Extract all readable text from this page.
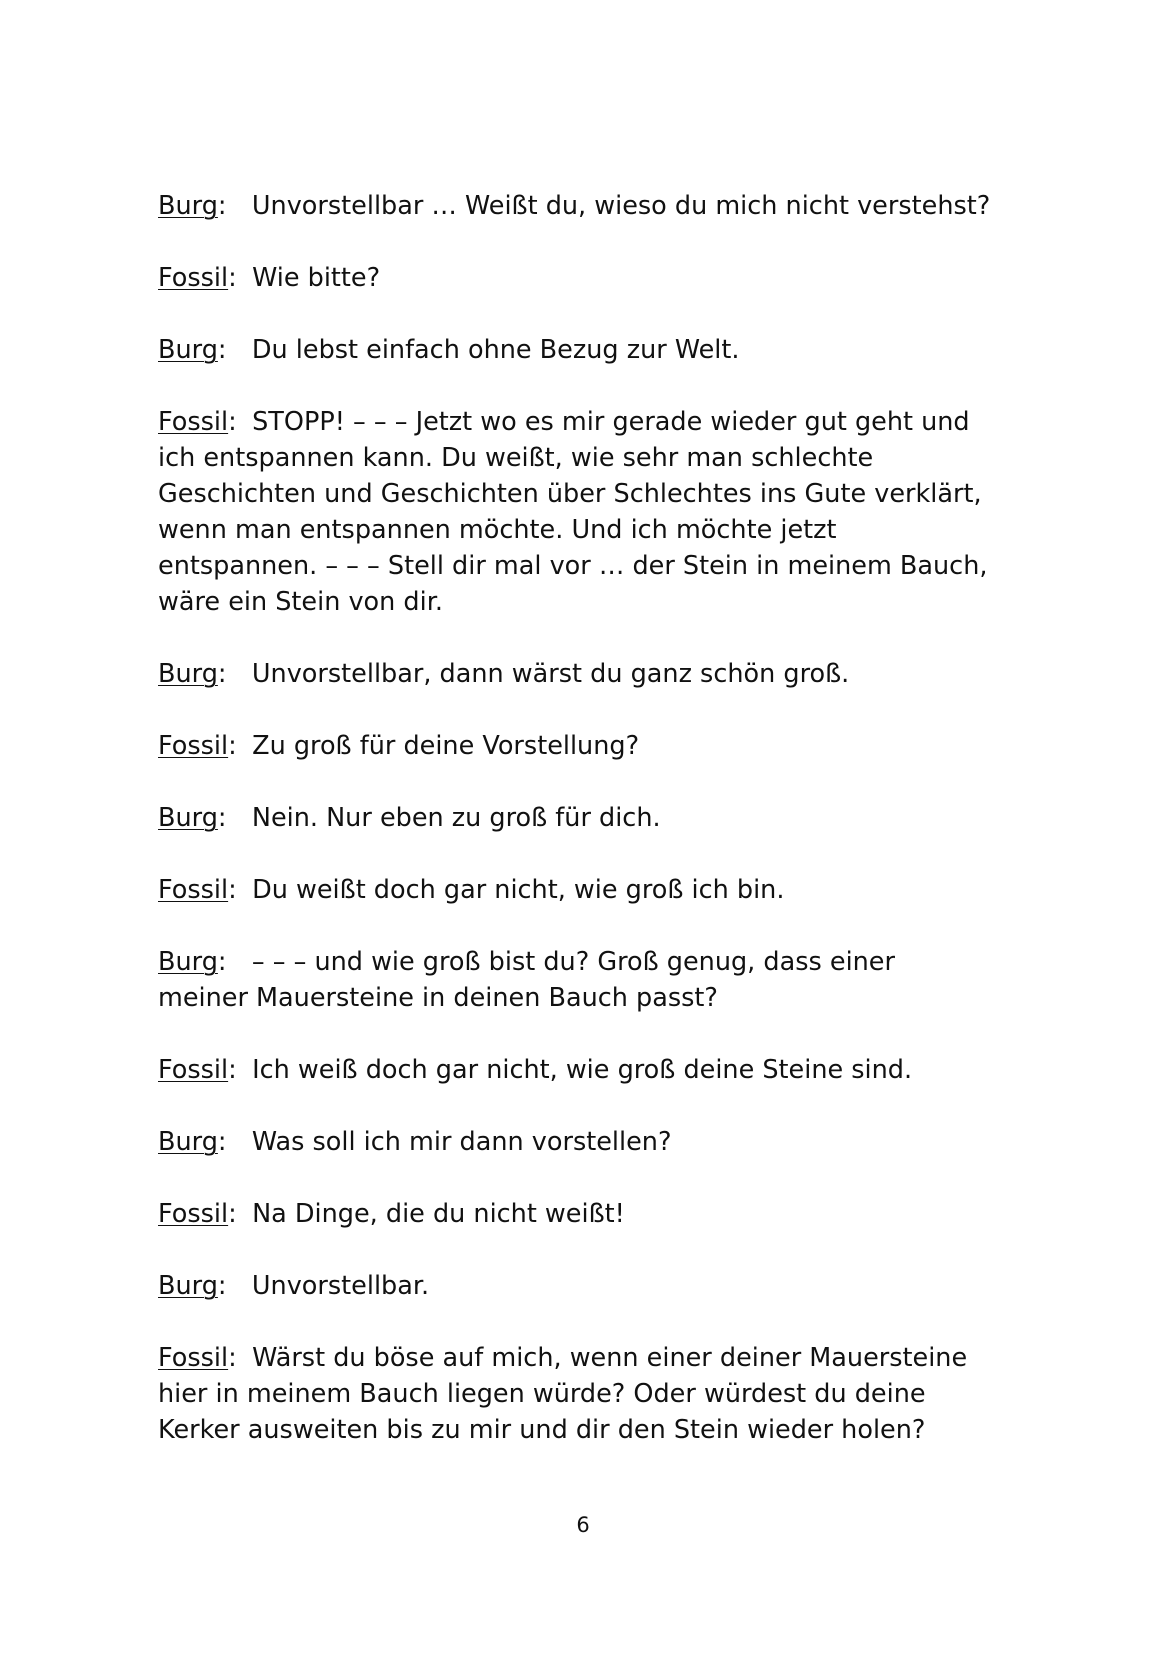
Burg: Unvorstellbar … Weißt du, wieso du mich nicht verstehst?
Fossil: Wie bitte?
Burg: Du lebst einfach ohne Bezug zur Welt.
Fossil: STOPP! – – – Jetzt wo es mir gerade wieder gut geht und
ich entspannen kann. Du weißt, wie sehr man schlechte
Geschichten und Geschichten über Schlechtes ins Gute verklärt,
wenn man entspannen möchte. Und ich möchte jetzt
entspannen. – – – Stell dir mal vor … der Stein in meinem Bauch,
wäre ein Stein von dir.
Burg: Unvorstellbar, dann wärst du ganz schön groß.
Fossil: Zu groß für deine Vorstellung?
Burg: Nein. Nur eben zu groß für dich.
Fossil: Du weißt doch gar nicht, wie groß ich bin.
Burg: – – – und wie groß bist du? Groß genug, dass einer
meiner Mauersteine in deinen Bauch passt?
Fossil: Ich weiß doch gar nicht, wie groß deine Steine sind.
Burg: Was soll ich mir dann vorstellen?
Fossil: Na Dinge, die du nicht weißt!
Burg: Unvorstellbar.
Fossil: Wärst du böse auf mich, wenn einer deiner Mauersteine
hier in meinem Bauch liegen würde? Oder würdest du deine
Kerker ausweiten bis zu mir und dir den Stein wieder holen?
6
